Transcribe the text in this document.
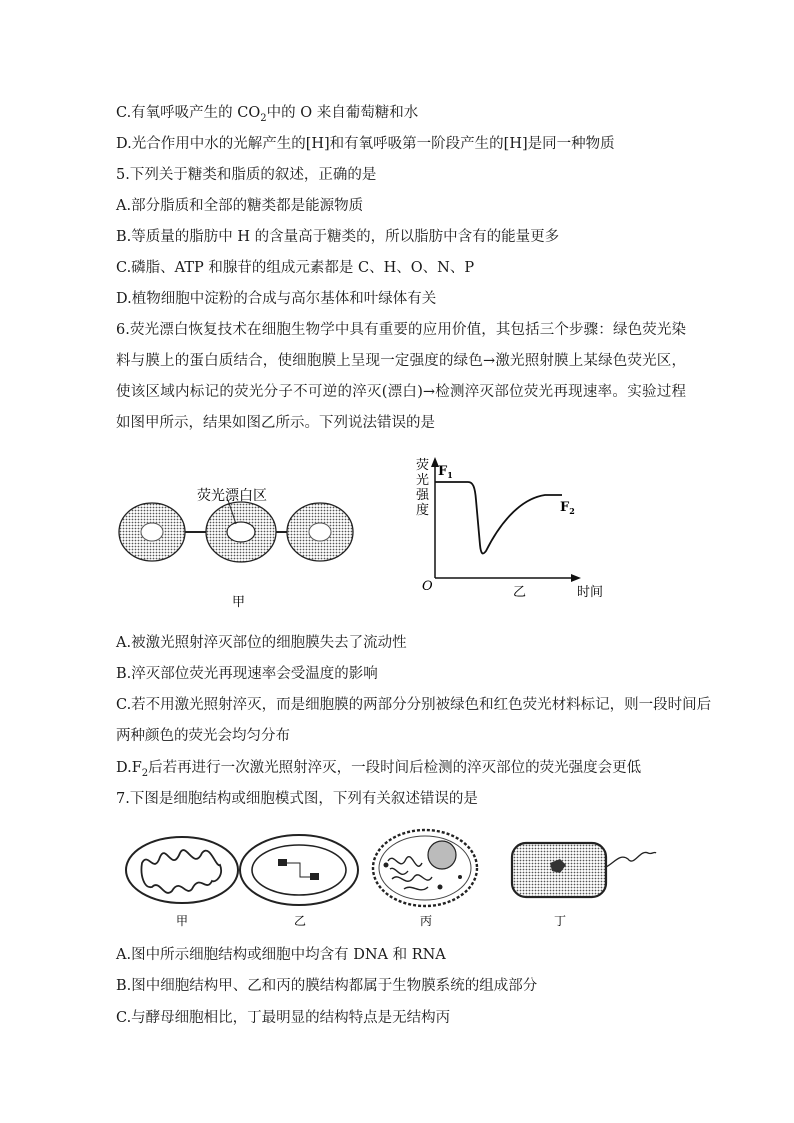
C.有氧呼吸产生的 $CO_2$中的 O 来自葡萄糖和水
D.光合作用中水的光解产生的[H]和有氧呼吸第一阶段产生的[H]是同一种物质
5.下列关于糖类和脂质的叙述，正确的是
A.部分脂质和全部的糖类都是能源物质
B.等质量的脂肪中 H 的含量高于糖类的，所以脂肪中含有的能量更多
C.磷脂、ATP 和腺苷的组成元素都是 C、H、O、N、P
D.植物细胞中淀粉的合成与高尔基体和叶绿体有关
6.荧光漂白恢复技术在细胞生物学中具有重要的应用价值，其包括三个步骤：绿色荧光染料与膜上的蛋白质结合，使细胞膜上呈现一定强度的绿色→激光照射膜上某绿色荧光区，使该区域内标记的荧光分子不可逆的淬灭(漂白)→检测淬灭部位荧光再现速率。实验过程如图甲所示，结果如图乙所示。下列说法错误的是
荧光漂白区
甲
荧
光
强
度
$F_1$
$F_2$
O	时间
乙
A.被激光照射淬灭部位的细胞膜失去了流动性
B.淬灭部位荧光再现速率会受温度的影响
C.若不用激光照射淬灭，而是细胞膜的两部分分别被绿色和红色荧光材料标记，则一段时间后
两种颜色的荧光会均匀分布
$D.F_2$后若再进行一次激光照射淬灭，一段时间后检测的淬灭部位的荧光强度会更低
7.下图是细胞结构或细胞模式图，下列有关叙述错误的是
甲	乙	丙	丁
A.图中所示细胞结构或细胞中均含有 DNA 和 RNA
B.图中细胞结构甲、乙和丙的膜结构都属于生物膜系统的组成部分
C.与酵母细胞相比，丁最明显的结构特点是无结构丙
